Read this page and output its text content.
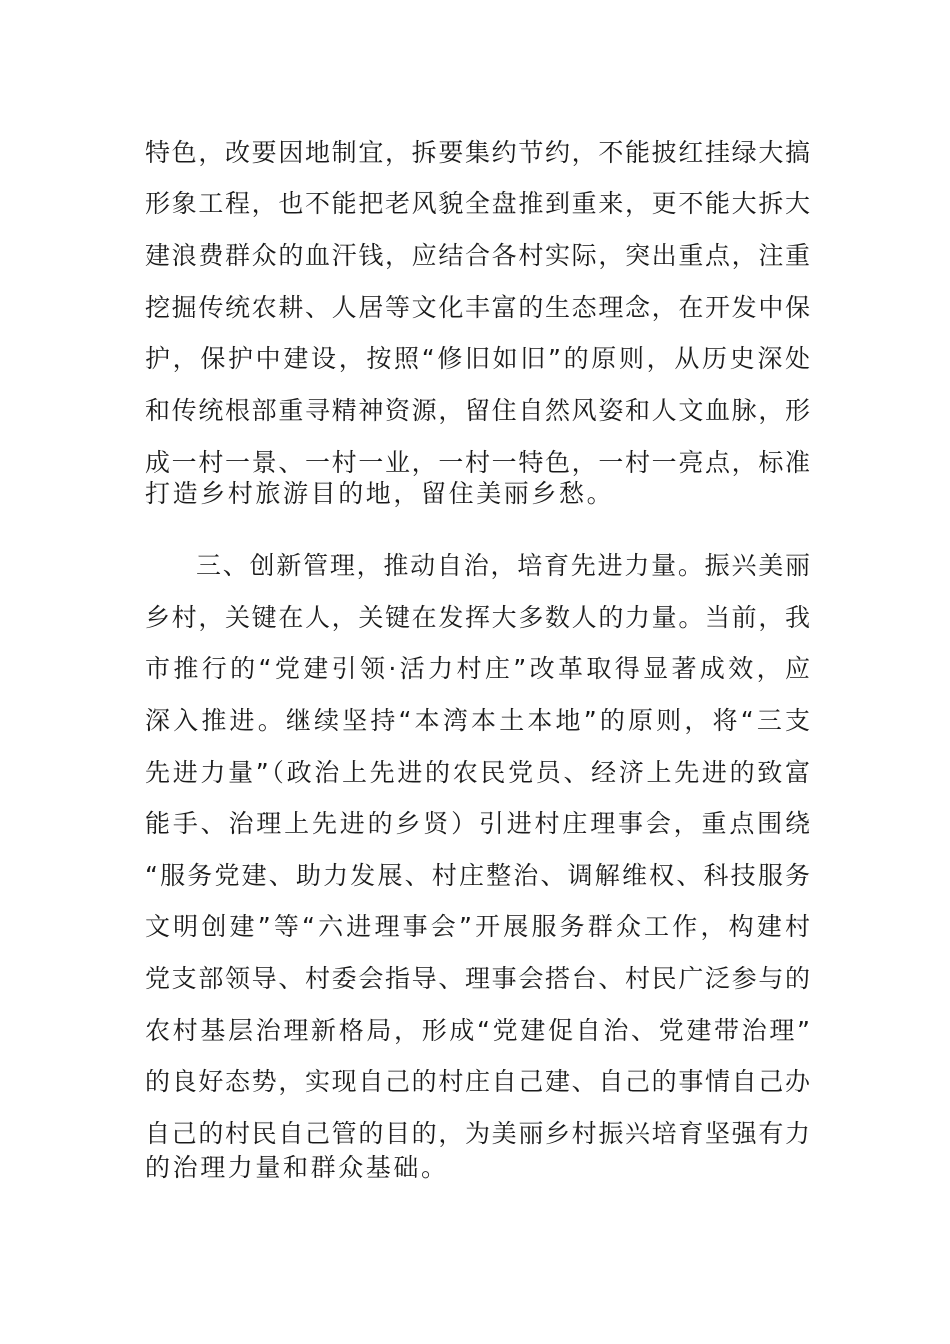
特色，改要因地制宜，拆要集约节约，不能披红挂绿大搞
形象工程，也不能把老风貌全盘推到重来，更不能大拆大
建浪费群众的血汗钱，应结合各村实际，突出重点，注重
挖掘传统农耕、人居等文化丰富的生态理念，在开发中保
护，保护中建设，按照“修旧如旧”的原则，从历史深处
和传统根部重寻精神资源，留住自然风姿和人文血脉，形
成一村一景、一村一业，一村一特色，一村一亮点，标准
打造乡村旅游目的地，留住美丽乡愁。
三、创新管理，推动自治，培育先进力量。振兴美丽
乡村，关键在人，关键在发挥大多数人的力量。当前，我
市推行的“党建引领·活力村庄”改革取得显著成效，应
深入推进。继续坚持“本湾本土本地”的原则，将“三支
先进力量”（政治上先进的农民党员、经济上先进的致富
能手、治理上先进的乡贤）引进村庄理事会，重点围绕
“服务党建、助力发展、村庄整治、调解维权、科技服务
文明创建”等“六进理事会”开展服务群众工作，构建村
党支部领导、村委会指导、理事会搭台、村民广泛参与的
农村基层治理新格局，形成“党建促自治、党建带治理”
的良好态势，实现自己的村庄自己建、自己的事情自己办
自己的村民自己管的目的，为美丽乡村振兴培育坚强有力
的治理力量和群众基础。
